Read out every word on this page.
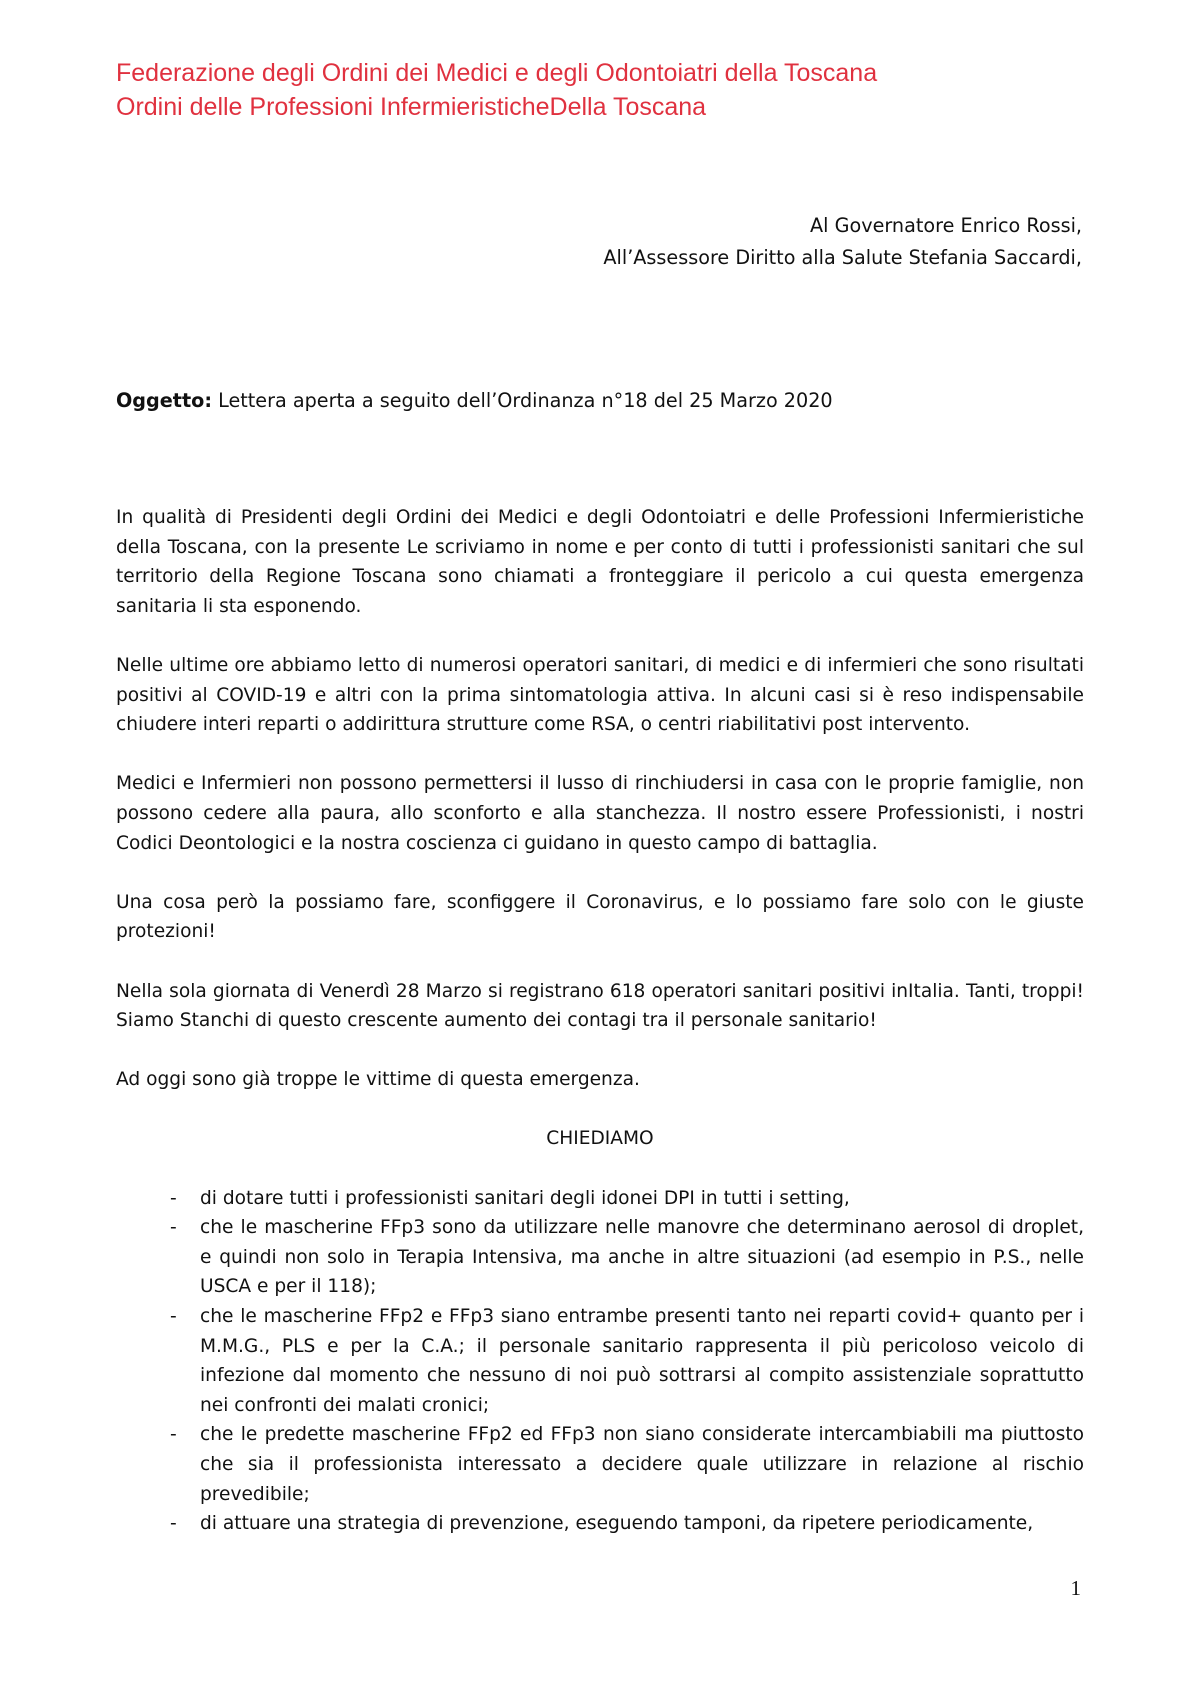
Federazione degli Ordini dei Medici e degli Odontoiatri della Toscana
Ordini delle Professioni InfermieristicheDella Toscana
Al Governatore Enrico Rossi,
All’Assessore Diritto alla Salute Stefania Saccardi,
Oggetto: Lettera aperta a seguito dell’Ordinanza n°18 del 25 Marzo 2020

In qualità di Presidenti degli Ordini dei Medici e degli Odontoiatri e delle Professioni Infermieristiche della Toscana, con la presente Le scriviamo in nome e per conto di tutti i professionisti sanitari che sul territorio della Regione Toscana sono chiamati a fronteggiare il pericolo a cui questa emergenza sanitaria li sta esponendo.

Nelle ultime ore abbiamo letto di numerosi operatori sanitari, di medici e di infermieri che sono risultati positivi al COVID-19 e altri con la prima sintomatologia attiva. In alcuni casi si è reso indispensabile chiudere interi reparti o addirittura strutture come RSA, o centri riabilitativi post intervento.

Medici e Infermieri non possono permettersi il lusso di rinchiudersi in casa con le proprie famiglie, non possono cedere alla paura, allo sconforto e alla stanchezza. Il nostro essere Professionisti, i nostri Codici Deontologici e la nostra coscienza ci guidano in questo campo di battaglia.

Una cosa però la possiamo fare, sconfiggere il Coronavirus, e lo possiamo fare solo con le giuste protezioni!

Nella sola giornata di Venerdì 28 Marzo si registrano 618 operatori sanitari positivi inItalia. Tanti, troppi! Siamo Stanchi di questo crescente aumento dei contagi tra il personale sanitario!

Ad oggi sono già troppe le vittime di questa emergenza.

CHIEDIAMO
- di dotare tutti i professionisti sanitari degli idonei DPI in tutti i setting,
- che le mascherine FFp3 sono da utilizzare nelle manovre che determinano aerosol di droplet, e quindi non solo in Terapia Intensiva, ma anche in altre situazioni (ad esempio in P.S., nelle USCA e per il 118);
- che le mascherine FFp2 e FFp3 siano entrambe presenti tanto nei reparti covid+ quanto per i M.M.G., PLS e per la C.A.; il personale sanitario rappresenta il più pericoloso veicolo di infezione dal momento che nessuno di noi può sottrarsi al compito assistenziale soprattutto nei confronti dei malati cronici;
- che le predette mascherine FFp2 ed FFp3 non siano considerate intercambiabili ma piuttosto che sia il professionista interessato a decidere quale utilizzare in relazione al rischio prevedibile;
- di attuare una strategia di prevenzione, eseguendo tamponi, da ripetere periodicamente,
1
